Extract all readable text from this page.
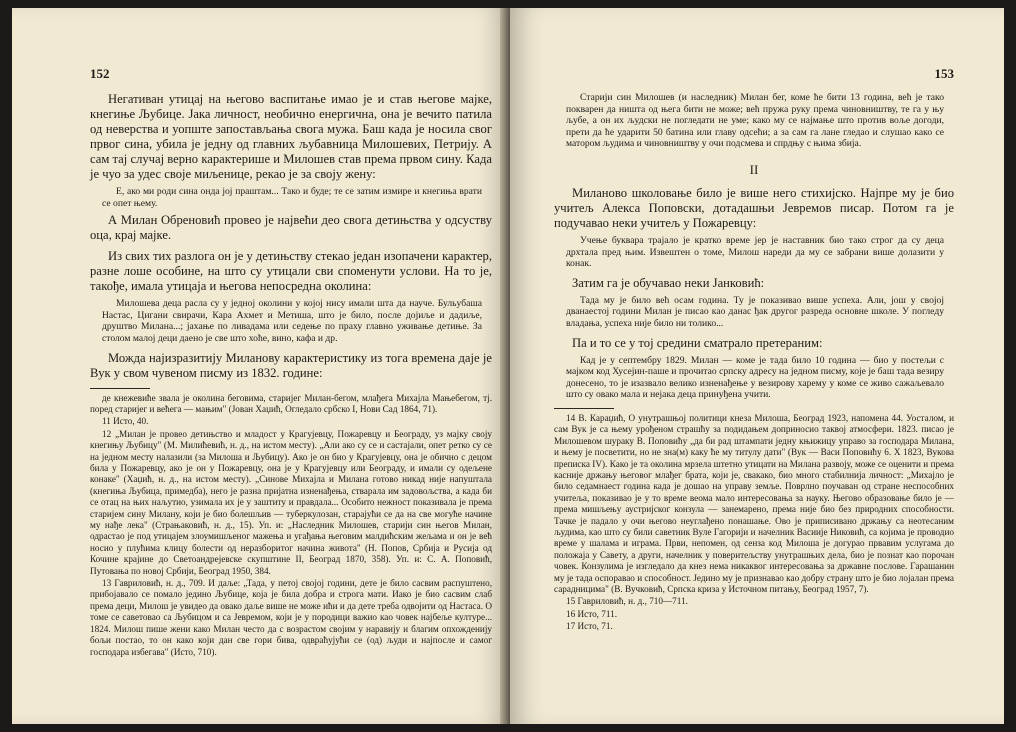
152

Негативан утицај на његово васпитање имао је и став његове мајке, кнегиње Љубице. Јака личност, необично енергична, она је вечито патила од неверства и уопште запостављања свога мужа. Баш када је носила свог првог сина, убила је једну од главних љубавница Милошевих, Петрију. А сам тај случај верно карактерише и Милошев став према првом сину. Када је чуо за удес своје миљенице, рекао је за своју жену:

Е, ако ми роди сина онда јој праштам... Тако и буде; те се затим измире и кнегиња врати се опет њему.

А Милан Обреновић провео је највећи део свога детињства у одсуству оца, крај мајке.

Из свих тих разлога он је у детињству стекао један изопачени карактер, разне лоше особине, на што су утицали сви споменути услови. На то је, такође, имала утицаја и његова непосредна околина:

Милошева деца расла су у једној околини у којој нису имали шта да науче. Бульубаша Настас, Цигани свирачи, Кара Ахмет и Метиша, што је било, после дојиље и дадиље, друштво Милана...; јахање по ливадама или седење по праху главно уживање детиње. За столом малој деци даено је све што хоће, вино, кафа и др.

Можда најизразитију Миланову карактеристику из тога времена даје је Вук у свом чувеном писму из 1832. године:

де кнежевиће звала је околина беговима, старијег Милан-бегом, млађега Михајла Мањебегом, тј. поред старијег и већега — мањим" (Јован Хаџић, Огледало србско I, Нови Сад 1864, 71).

11 Исто, 40.

12 „Милан је провео детињство и младост у Крагујевцу, Пожаревцу и Београду, уз мајку своју кнегињу Љубицу" (М. Милићевић, н. д., на истом месту). „Али ако су се и састајали, опет ретко су се на једном месту налазили (за Милоша и Љубицу). Ако је он био у Крагујевцу, она је обично с децом била у Пожаревцу, ако је он у Пожаревцу, она је у Крагујевцу или Београду, и имали су одељене конаке" (Хаџић, н. д., на истом месту). „Синове Михајла и Милана готово никад није напуштала (кнегиња Љубица, примедба), него је разна пријатна изненађења, стварала им задовољства, а када би се отац на њих наљутио, узимала их је у заштиту и правдала... Особито нежност показивала је према старијем сину Милану, који је био болешљив — туберкулозан, старајући се да на све могуће начине му нађе лека" (Страњаковић, н. д., 15). Уп. и: „Наследник Милошев, старији син његов Милан, одрастао је под утицајем злоумишљеног мажења и угађања његовим малдићским жељама и он је већ носио у плућима клицу болести од неразборитог начина живота" (Н. Попов, Србија и Русија од Кочине крајине до Светоандрејевске скупштине II, Београд 1870, 358). Уп. и: С. А. Поповић, Путовања по новој Србији, Београд 1950, 384.

13 Гавриловић, н. д., 709. И даље: „Тада, у петој својој години, дете је било сасвим распуштено, прибојавало се помало једино Љубице, која је била добра и строга мати. Иако је био сасвим слаб према деци, Милош је увидео да овако даље више не може ићи и да дете треба одвојити од Настаса. О томе се саветовао са Љубицом и са Јевремом, који је у породици важио као човек најбеље културе... 1824. Милош пише жени како Милан често да с возрастом својим у наравију и благим опхожденију бољи постао, то он како који дан све гори бива, одвраћујући се (од) људи и најпосле и самог господара избегава" (Исто, 710).

153

Старији син Милошев (и наследник) Милан бег, коме ће бити 13 година, већ је тако покварен да ништа од њега бити не може; већ пружа руку према чиновништву, те га у њу љубе, а он их људски не погледати не уме; како му се најмање што против воље догоди, прети да ће ударити 50 батина или главу одсећи; а за сам га лане гледао и слушао како се матором људима и чиновништву у очи подсмева и спрдњу с њима збија.

II

Милановo школовање било је више него стихијско. Најпре му је био учитељ Алекса Поповски, дотадашњи Јевремов писар. Потом га је подучавао неки учитељ у Пожаревцу:

Учење буквара трајало је кратко време јер је наставник био тако строг да су деца дрхтала пред њим. Извештен о томе, Милош нареди да му се забрани више долазити у конак.

Затим га је обучавао неки Јанковић:

Тада му је било већ осам година. Ту је показивао више успеха. Али, још у својој дванаестој години Милан је писао као данас ђак другог разреда основне школе. У погледу владања, успеха није било ни толико...

Па и то се у тој средини сматрало претераним:

Кад је у септембру 1829. Милан — коме је тада било 10 година — био у постељи с мајком код Хусејин-паше и прочитао српску адресу на једном писму, које је баш тада везиру донесено, то је изазвало велико изненађење у везирову харему у коме се живо сажаљевало што су овако мала и нејака деца принуђена учити.

14 В. Караџић, О унутрашњој политици кнеза Милоша, Београд 1923, напомена 44. Уосталом, и сам Вук је са њему урођеном страшћу за подидањем доприносио таквој атмосфери. 1823. писао је Милошевом шураку В. Поповићу „да би рад штампати једну књижицу управо за господара Милана, и њему је посветити, но не зна(м) каку ће му титулу дати" (Вук — Васи Поповићу 6. X 1823, Вукова преписка IV). Како је та околина мрзела штетно утицати на Милана развоју, може се оценити и према касније држању његовог млађег брата, који је, свакако, био много стабилнија личност: „Михајло је било седамнаест година када је дошао на управу земље. Поврлно поучаван од стране неспособних учитеља, показивао је у то време веома мало интересовања за науку. Његово образовање било је — према мишљењу аустријског конзула — занемарено, према није био без природних способности. Тачке је падало у очи његово неуглађено понашање. Ово је приписивано држању са неотесаним људима, као што су били саветник Вуле Гагорији и начелник Васиије Никовић, са којима је проводио време у шалама и играма. Први, непомен, од сенза код Милоша је догурао првавим услугама до положаја у Савету, а други, начелник у поверитељству унутрашњих дела, био је познат као порочан човек. Конзулима је изгледало да кнез нема никаквог интересовања за државне послове. Гарашанин му је тада оспоравао и способност. Једино му је признавао као добру страну што је био лојалан према сарадницима" (В. Вучковић, Српска криза у Источном питању, Београд 1957, 7).

15 Гавриловић, н. д., 710—711.

16 Исто, 711.

17 Исто, 71.
